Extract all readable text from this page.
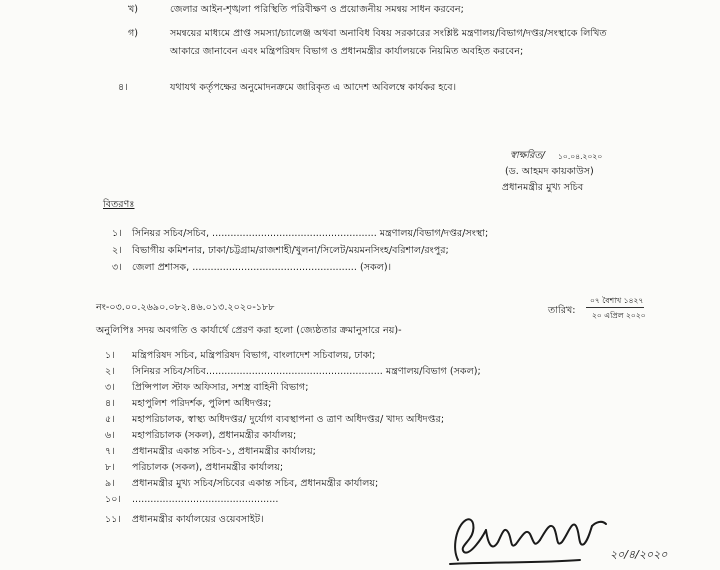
খ)	জেলার আইন-শৃঙ্খলা পরিস্থিতি পরিবীক্ষণ ও প্রয়োজনীয় সমন্বয় সাধন করবেন;
গ)	সমন্বয়ের মাধ্যমে প্রাপ্ত সমস্যা/চ্যালেঞ্জ অথবা অনাবিধ বিষয় সরকারের সংশ্লিষ্ট মন্ত্রণালয়/বিভাগ/দপ্তর/সংস্থাকে লিখিত
আকারে জানাবেন এবং মন্ত্রিপরিষদ বিভাগ ও প্রধানমন্ত্রীর কার্যালয়কে নিয়মিত অবহিত করবেন;
৪।	যথাযথ কর্তৃপক্ষের অনুমোদনক্রমে জারিকৃত এ আদেশ অবিলম্বে কার্যকর হবে।
স্বাক্ষরিত/ ১০.০৪.২০২০
(ড. আহমদ কায়কাউস)
প্রধানমন্ত্রীর মুখ্য সচিব
বিতরণঃ
১। সিনিয়র সচিব/সচিব, ...................................................... মন্ত্রণালয়/বিভাগ/দপ্তর/সংস্থা;
২। বিভাগীয় কমিশনার, ঢাকা/চট্টগ্রাম/রাজশাহী/খুলনা/সিলেট/ময়মনসিংহ/বরিশাল/রংপুর;
৩। জেলা প্রশাসক, ...................................................... (সকল)।
নং-০৩.০০.২৬৯০.০৮২.৪৬.০১৩.২০২০-১৮৮
০৭ বৈশাখ ১৪২৭
তারিখ: ২০ এপ্রিল ২০২০
অনুলিপিঃ সদয় অবগতি ও কার্যার্থে প্রেরণ করা হলো (জ্যেষ্ঠতার ক্রমানুসারে নয়)-
১। মন্ত্রিপরিষদ সচিব, মন্ত্রিপরিষদ বিভাগ, বাংলাদেশ সচিবালয়, ঢাকা;
২। সিনিয়র সচিব/সচিব.......................................................... মন্ত্রণালয়/বিভাগ (সকল);
৩। প্রিন্সিপাল স্টাফ অফিসার, সশস্ত্র বাহিনী বিভাগ;
৪। মহাপুলিশ পরিদর্শক, পুলিশ অধিদপ্তর;
৫। মহাপরিচালক, স্বাস্থ্য অধিদপ্তর/ দুর্যোগ ব্যবস্থাপনা ও ত্রাণ অধিদপ্তর/ খাদ্য অধিদপ্তর;
৬। মহাপরিচালক (সকল), প্রধানমন্ত্রীর কার্যালয়;
৭। প্রধানমন্ত্রীর একান্ত সচিব-১, প্রধানমন্ত্রীর কার্যালয়;
৮। পরিচালক (সকল), প্রধানমন্ত্রীর কার্যালয়;
৯। প্রধানমন্ত্রীর মুখ্য সচিব/সচিবের একান্ত সচিব, প্রধানমন্ত্রীর কার্যালয়;
১০। ................................................
১১। প্রধানমন্ত্রীর কার্যালয়ের ওয়েবসাইট।
২০/৪/২০২০
